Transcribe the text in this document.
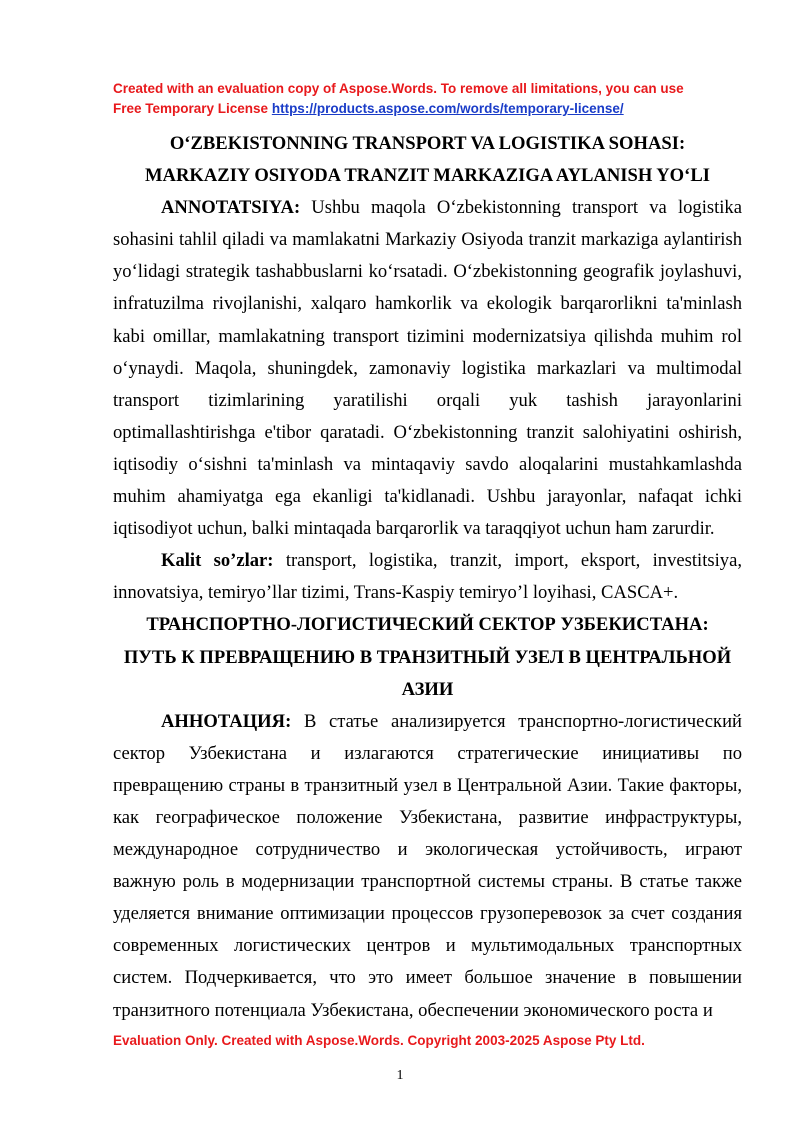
Created with an evaluation copy of Aspose.Words. To remove all limitations, you can use
Free Temporary License https://products.aspose.com/words/temporary-license/

O‘ZBEKISTONNING TRANSPORT VA LOGISTIKA SOHASI:

MARKAZIY OSIYODA TRANZIT MARKAZIGA AYLANISH YO‘LI

ANNOTATSIYA: Ushbu maqola O‘zbekistonning transport va logistika sohasini tahlil qiladi va mamlakatni Markaziy Osiyoda tranzit markaziga aylantirish yo‘lidagi strategik tashabbuslarni ko‘rsatadi. O‘zbekistonning geografik joylashuvi, infratuzilma rivojlanishi, xalqaro hamkorlik va ekologik barqarorlikni ta'minlash kabi omillar, mamlakatning transport tizimini modernizatsiya qilishda muhim rol o‘ynaydi. Maqola, shuningdek, zamonaviy logistika markazlari va multimodal transport tizimlarining yaratilishi orqali yuk tashish jarayonlarini optimallashtirishga e'tibor qaratadi. O‘zbekistonning tranzit salohiyatini oshirish, iqtisodiy o‘sishni ta'minlash va mintaqaviy savdo aloqalarini mustahkamlashda muhim ahamiyatga ega ekanligi ta'kidlanadi. Ushbu jarayonlar, nafaqat ichki iqtisodiyot uchun, balki mintaqada barqarorlik va taraqqiyot uchun ham zarurdir.

Kalit so’zlar: transport, logistika, tranzit, import, eksport, investitsiya, innovatsiya, temiryo’llar tizimi, Trans-Kaspiy temiryo’l loyihasi, CASCA+.

ТРАНСПОРТНО-ЛОГИСТИЧЕСКИЙ СЕКТОР УЗБЕКИСТАНА:

ПУТЬ К ПРЕВРАЩЕНИЮ В ТРАНЗИТНЫЙ УЗЕЛ В ЦЕНТРАЛЬНОЙ

АЗИИ

АННОТАЦИЯ: В статье анализируется транспортно-логистический сектор Узбекистана и излагаются стратегические инициативы по превращению страны в транзитный узел в Центральной Азии. Такие факторы, как географическое положение Узбекистана, развитие инфраструктуры, международное сотрудничество и экологическая устойчивость, играют важную роль в модернизации транспортной системы страны. В статье также уделяется внимание оптимизации процессов грузоперевозок за счет создания современных логистических центров и мультимодальных транспортных систем. Подчеркивается, что это имеет большое значение в повышении транзитного потенциала Узбекистана, обеспечении экономического роста и

Evaluation Only. Created with Aspose.Words. Copyright 2003-2025 Aspose Pty Ltd.
1
